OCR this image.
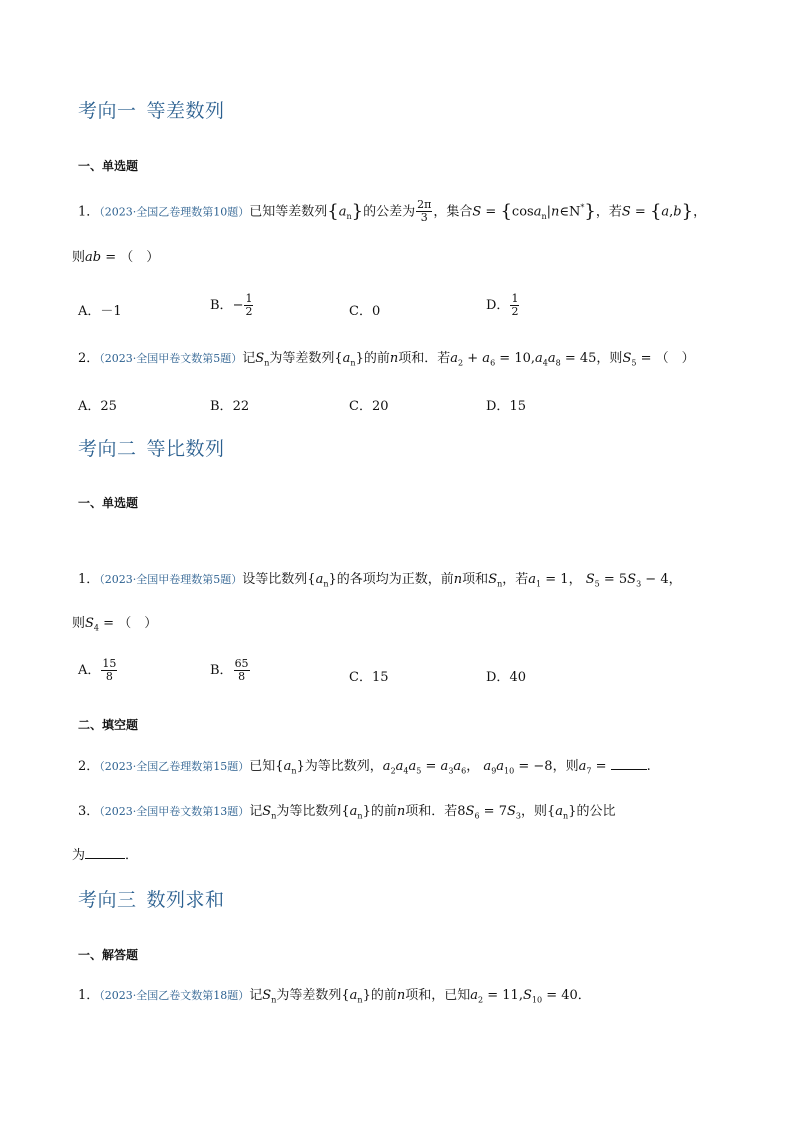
考向一 等差数列
一、单选题
1．（2023·全国乙卷理数第10题）已知等差数列$\{a_n\}$的公差为 $\frac{2\pi}{3}$ ，集合S = {cosa$_n$|n∈N*}，若S = {a,b}，
则ab = （　）
A．－1	B．− $\frac{1}{2}$	C．0	D． $\frac{1}{2}$
2．（2023·全国甲卷文数第5题）记$S_n$为等差数列$\{a_n\}$的前n项和．若$a_2 + a_6 = 10,a_4a_8 = 45$，则$S_5$ = （　）
A．25	B．22	C．20	D．15
考向二 等比数列
一、单选题
1．（2023·全国甲卷理数第5题）设等比数列$\{a_n\}$的各项均为正数，前n项和$S_n$，若$a_1 = 1$， $S_5 = 5S_3 - 4$，
则$S_4$ = （　）
A． $\frac{15}{8}$	B． $\frac{65}{8}$	C．15	D．40
二、填空题
2．（2023·全国乙卷理数第15题）已知$\{a_n\}$为等比数列，$a_2a_4a_5 = a_3a_6$， $a_9a_{10} = -8$，则$a_7$ =	.
3．（2023·全国甲卷文数第13题）记$S_n$为等比数列$\{a_n\}$的前n项和．若$8S_6 = 7S_3$，则$\{a_n\}$的公比
为	．
考向三 数列求和
一、解答题
1．（2023·全国乙卷文数第18题）记$S_n$为等差数列$\{a_n\}$的前n项和，已知$a_2 = 11,S_{10} = 40$．
